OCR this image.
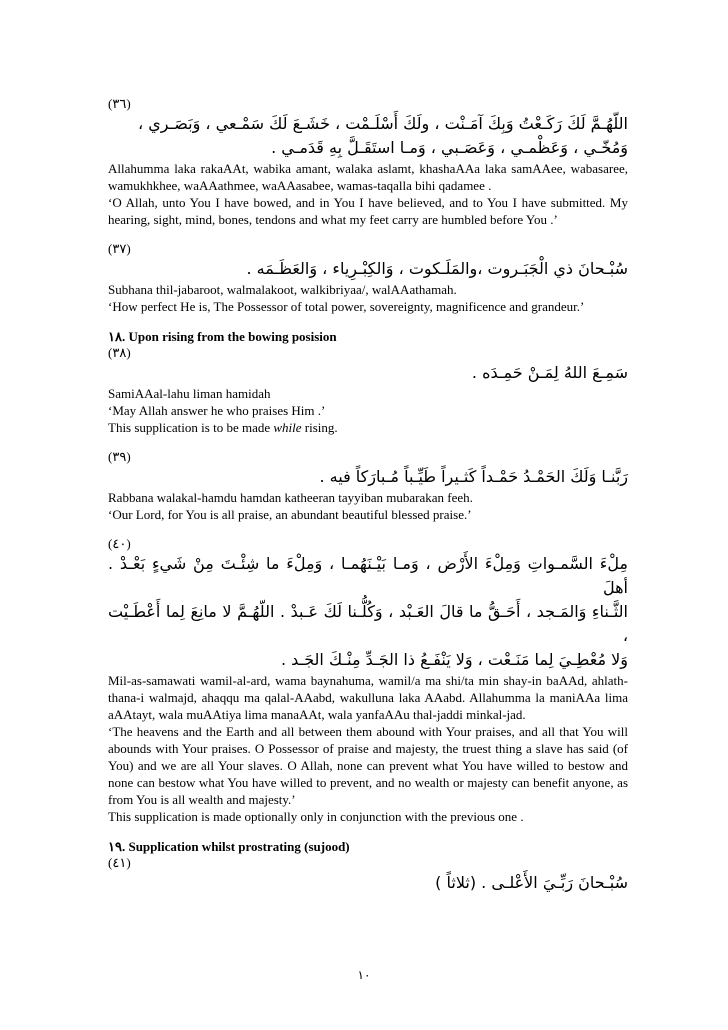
(٣٦)

اللّهُـمَّ لَكَ رَكَـعْتُ وَبِكَ آمَـنْت ، ولَكَ أَسْلَـمْت ، خَشَـعَ لَكَ سَمْـعي ، وَبَصَـري ،

وَمُخّـي ، وَعَظْمـي ، وَعَصَـبي ، وَمـا استَقَـلَّ بِهِ قَدَمـي .

Allahumma laka rakaAAt, wabika amant, walaka aslamt, khashaAAa laka samAAee, wabasaree, wamukhkhee, waAAathmee, waAAasabee, wamas-taqalla bihi qadamee .

‘O Allah, unto You I have bowed, and in You I have believed, and to You I have submitted. My hearing, sight, mind, bones, tendons and what my feet carry are humbled before You .’

(٣٧)

سُبْـحانَ ذي الْجَبَـروت ،والمَلَـكوت ، وَالكِبْـرِياء ، وَالعَظَـمَه .

Subhana thil-jabaroot, walmalakoot, walkibriyaa/, walAAathamah.

‘How perfect He is, The Possessor of total power, sovereignty, magnificence and grandeur.’

١٨. Upon rising from the bowing posision

(٣٨)

سَمِـعَ اللهُ لِمَـنْ حَمِـدَه .

SamiAAal-lahu liman hamidah

‘May Allah answer he who praises Him .’

This supplication is to be made while rising.

(٣٩)

رَبَّنـا وَلَكَ الحَمْـدُ حَمْـداً كَثـيراً طَيِّـباً مُـبارَكاً فيه .

Rabbana walakal-hamdu hamdan katheeran tayyiban mubarakan feeh.

‘Our Lord, for You is all praise, an abundant beautiful blessed praise.’

(٤٠)

مِلْءَ السَّمـواتِ وَمِلْءَ الأَرْض ، وَمـا بَيْـنَهُمـا ، وَمِلْءَ ما شِئْـتَ مِنْ شَيءٍ بَعْـدْ . أهلَ

الثَّـناءِ وَالمَـجد ، أَحَـقُّ ما قالَ العَـبْد ، وَكُلُّـنا لَكَ عَـبدْ . اللّهُـمَّ لا مانِعَ لِما أَعْطَـيْت ،

وَلا مُعْطِـيَ لِما مَنَـعْت ، وَلا يَنْفَـعُ ذا الجَـدِّ مِنْـكَ الجَـد .

Mil-as-samawati wamil-al-ard, wama baynahuma, wamil/a ma shi/ta min shay-in baAAd, ahlath-thana-i walmajd, ahaqqu ma qalal-AAabd, wakulluna laka AAabd. Allahumma la maniAAa lima aAAtayt, wala muAAtiya lima manaAAt, wala yanfaAAu thal-jaddi minkal-jad.

‘The heavens and the Earth and all between them abound with Your praises, and all that You will abounds with Your praises. O Possessor of praise and majesty, the truest thing a slave has said (of You) and we are all Your slaves. O Allah, none can prevent what You have willed to bestow and none can bestow what You have willed to prevent, and no wealth or majesty can benefit anyone, as from You is all wealth and majesty.’

This supplication is made optionally only in conjunction with the previous one .

١٩. Supplication whilst prostrating (sujood)

(٤١)

سُبْـحانَ رَبِّـيَ الأَعْلـى . (ثلاثاً )

١٠
